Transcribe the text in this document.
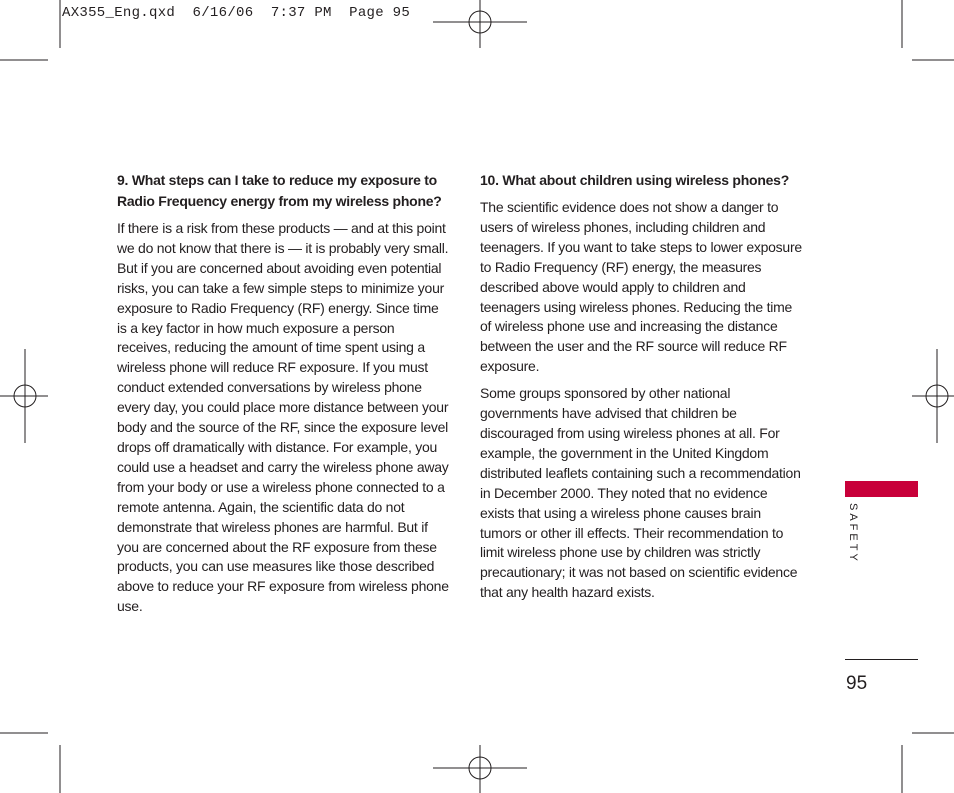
AX355_Eng.qxd  6/16/06  7:37 PM  Page 95

9. What steps can I take to reduce my exposure to Radio Frequency energy from my wireless phone?

If there is a risk from these products — and at this point we do not know that there is — it is probably very small. But if you are concerned about avoiding even potential risks, you can take a few simple steps to minimize your exposure to Radio Frequency (RF) energy. Since time is a key factor in how much exposure a person receives, reducing the amount of time spent using a wireless phone will reduce RF exposure. If you must conduct extended conversations by wireless phone every day, you could place more distance between your body and the source of the RF, since the exposure level drops off dramatically with distance. For example, you could use a headset and carry the wireless phone away from your body or use a wireless phone connected to a remote antenna. Again, the scientific data do not demonstrate that wireless phones are harmful. But if you are concerned about the RF exposure from these products, you can use measures like those described above to reduce your RF exposure from wireless phone use.

10. What about children using wireless phones?

The scientific evidence does not show a danger to users of wireless phones, including children and teenagers. If you want to take steps to lower exposure to Radio Frequency (RF) energy, the measures described above would apply to children and teenagers using wireless phones. Reducing the time of wireless phone use and increasing the distance between the user and the RF source will reduce RF exposure.

Some groups sponsored by other national governments have advised that children be discouraged from using wireless phones at all. For example, the government in the United Kingdom distributed leaflets containing such a recommendation in December 2000. They noted that no evidence exists that using a wireless phone causes brain tumors or other ill effects. Their recommendation to limit wireless phone use by children was strictly precautionary; it was not based on scientific evidence that any health hazard exists.

SAFETY
95
